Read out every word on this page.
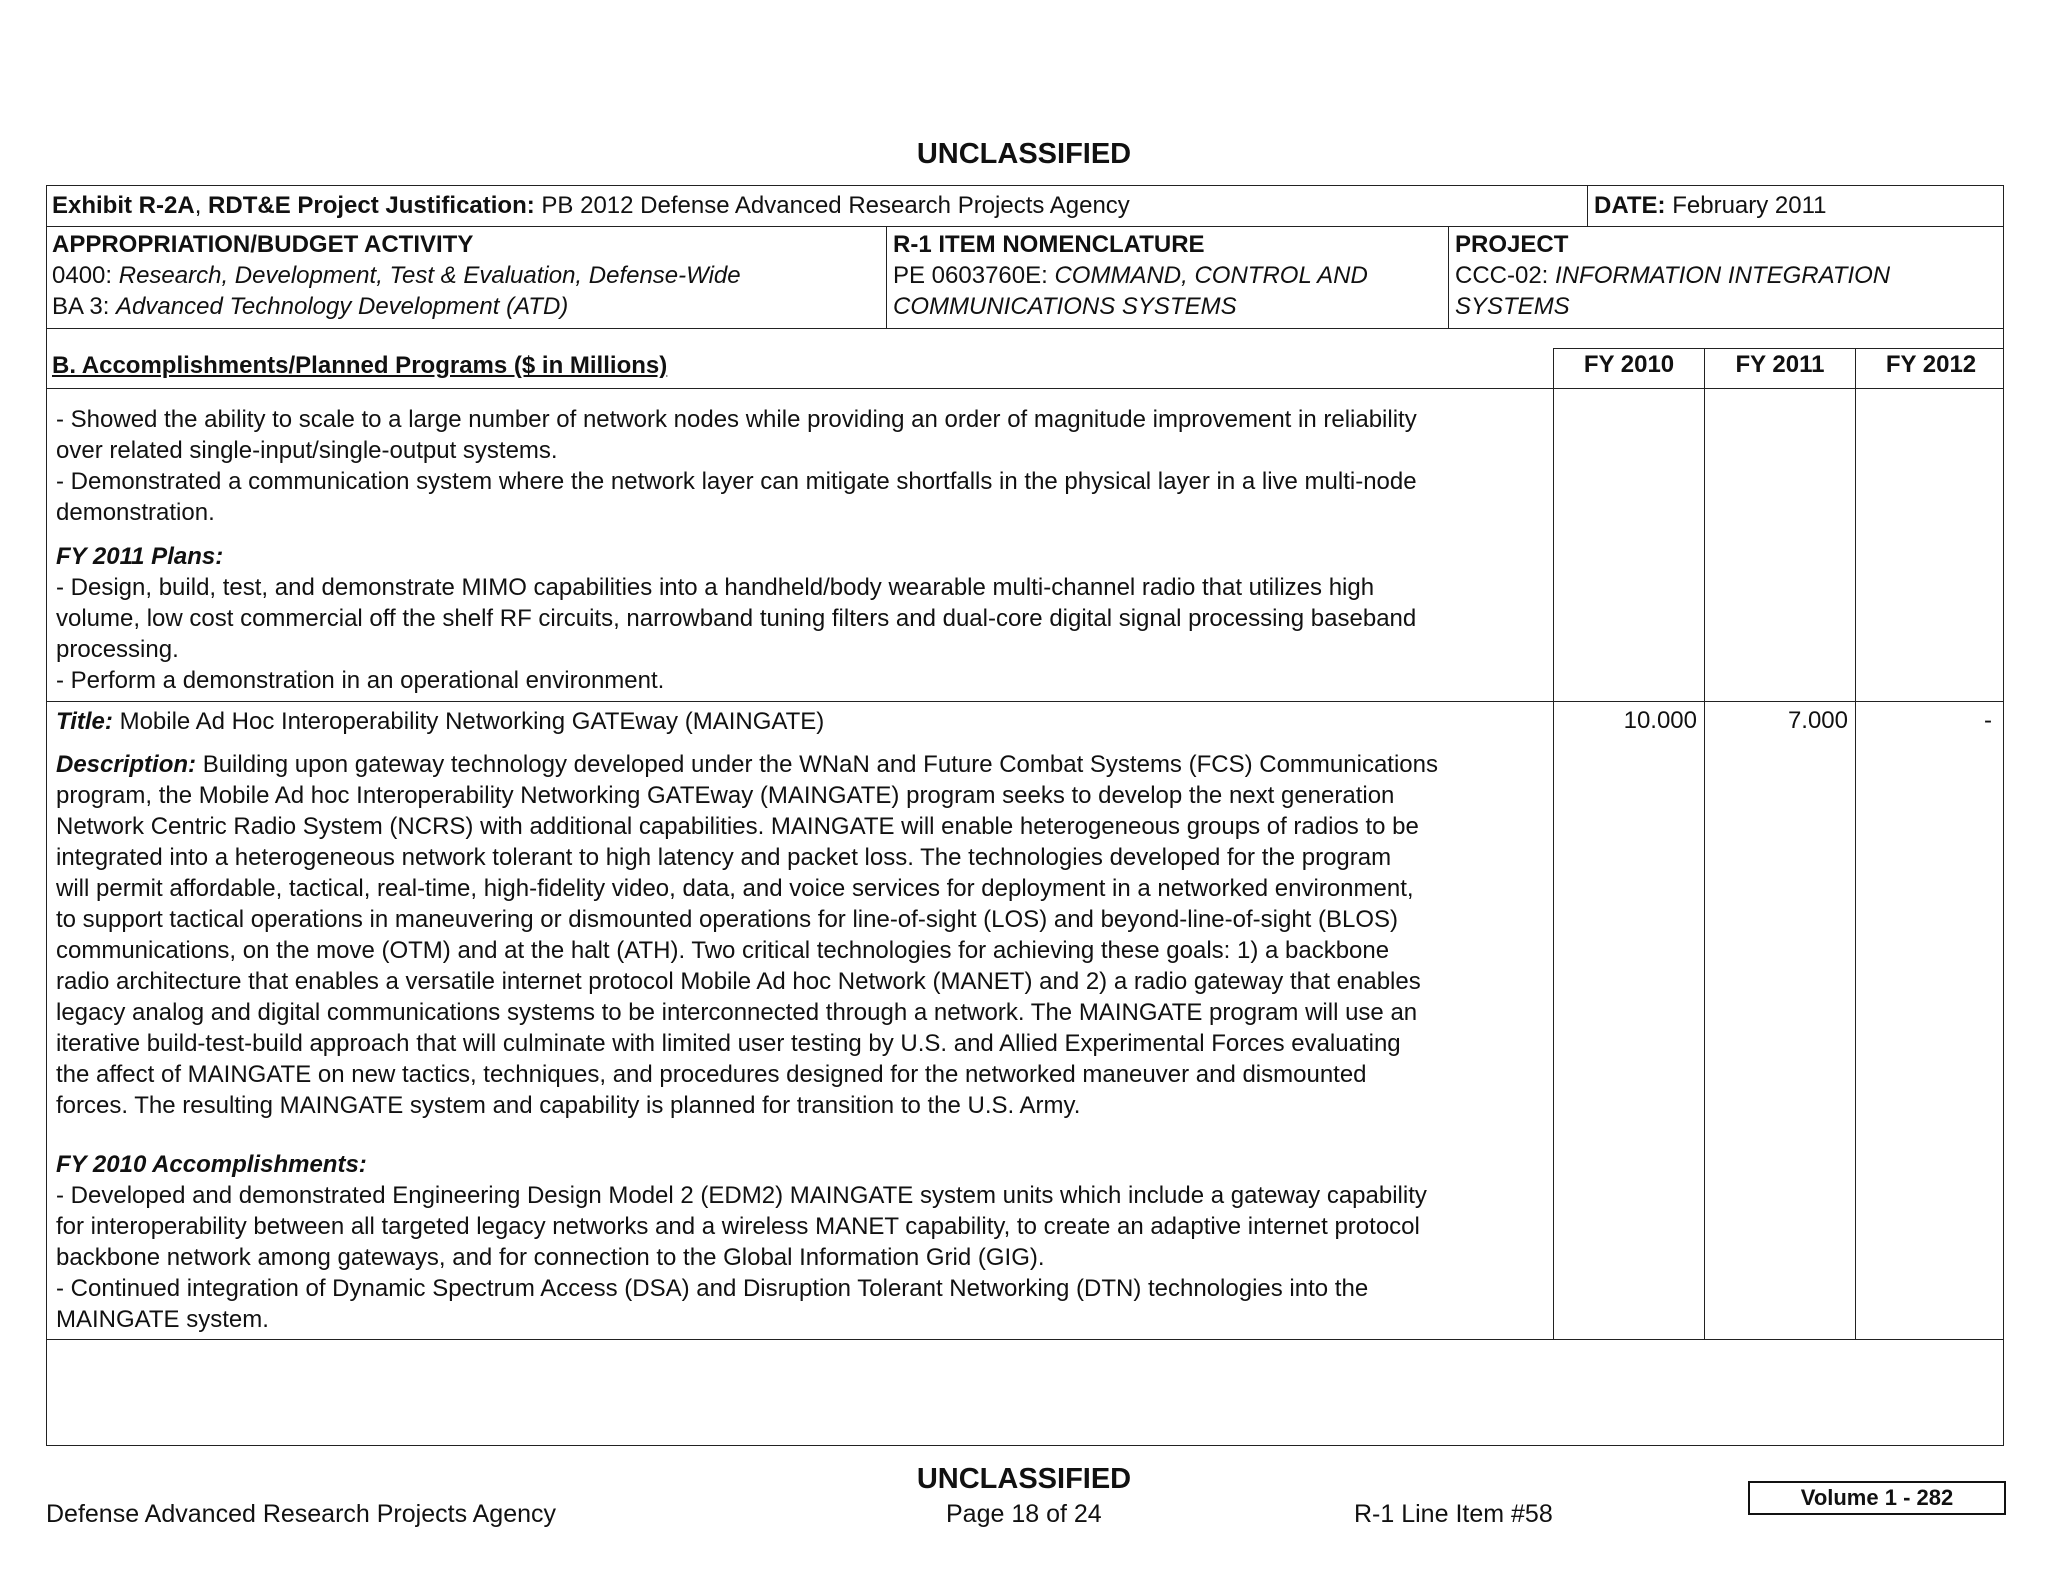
UNCLASSIFIED
Exhibit R-2A, RDT&E Project Justification: PB 2012 Defense Advanced Research Projects Agency	DATE: February 2011
APPROPRIATION/BUDGET ACTIVITY
0400: Research, Development, Test & Evaluation, Defense-Wide
BA 3: Advanced Technology Development (ATD)
R-1 ITEM NOMENCLATURE
PE 0603760E: COMMAND, CONTROL AND
COMMUNICATIONS SYSTEMS
PROJECT
CCC-02: INFORMATION INTEGRATION
SYSTEMS
B. Accomplishments/Planned Programs ($ in Millions)	FY 2010	FY 2011	FY 2012
- Showed the ability to scale to a large number of network nodes while providing an order of magnitude improvement in reliability
over related single-input/single-output systems.
- Demonstrated a communication system where the network layer can mitigate shortfalls in the physical layer in a live multi-node
demonstration.
FY 2011 Plans:
- Design, build, test, and demonstrate MIMO capabilities into a handheld/body wearable multi-channel radio that utilizes high
volume, low cost commercial off the shelf RF circuits, narrowband tuning filters and dual-core digital signal processing baseband
processing.
- Perform a demonstration in an operational environment.
Title: Mobile Ad Hoc Interoperability Networking GATEway (MAINGATE)	10.000	7.000	-
Description: Building upon gateway technology developed under the WNaN and Future Combat Systems (FCS) Communications
program, the Mobile Ad hoc Interoperability Networking GATEway (MAINGATE) program seeks to develop the next generation
Network Centric Radio System (NCRS) with additional capabilities. MAINGATE will enable heterogeneous groups of radios to be
integrated into a heterogeneous network tolerant to high latency and packet loss. The technologies developed for the program
will permit affordable, tactical, real-time, high-fidelity video, data, and voice services for deployment in a networked environment,
to support tactical operations in maneuvering or dismounted operations for line-of-sight (LOS) and beyond-line-of-sight (BLOS)
communications, on the move (OTM) and at the halt (ATH). Two critical technologies for achieving these goals: 1) a backbone
radio architecture that enables a versatile internet protocol Mobile Ad hoc Network (MANET) and 2) a radio gateway that enables
legacy analog and digital communications systems to be interconnected through a network. The MAINGATE program will use an
iterative build-test-build approach that will culminate with limited user testing by U.S. and Allied Experimental Forces evaluating
the affect of MAINGATE on new tactics, techniques, and procedures designed for the networked maneuver and dismounted
forces. The resulting MAINGATE system and capability is planned for transition to the U.S. Army.
FY 2010 Accomplishments:
- Developed and demonstrated Engineering Design Model 2 (EDM2) MAINGATE system units which include a gateway capability
for interoperability between all targeted legacy networks and a wireless MANET capability, to create an adaptive internet protocol
backbone network among gateways, and for connection to the Global Information Grid (GIG).
- Continued integration of Dynamic Spectrum Access (DSA) and Disruption Tolerant Networking (DTN) technologies into the
MAINGATE system.
UNCLASSIFIED
Defense Advanced Research Projects Agency	Page 18 of 24	R-1 Line Item #58
Volume 1 - 282
